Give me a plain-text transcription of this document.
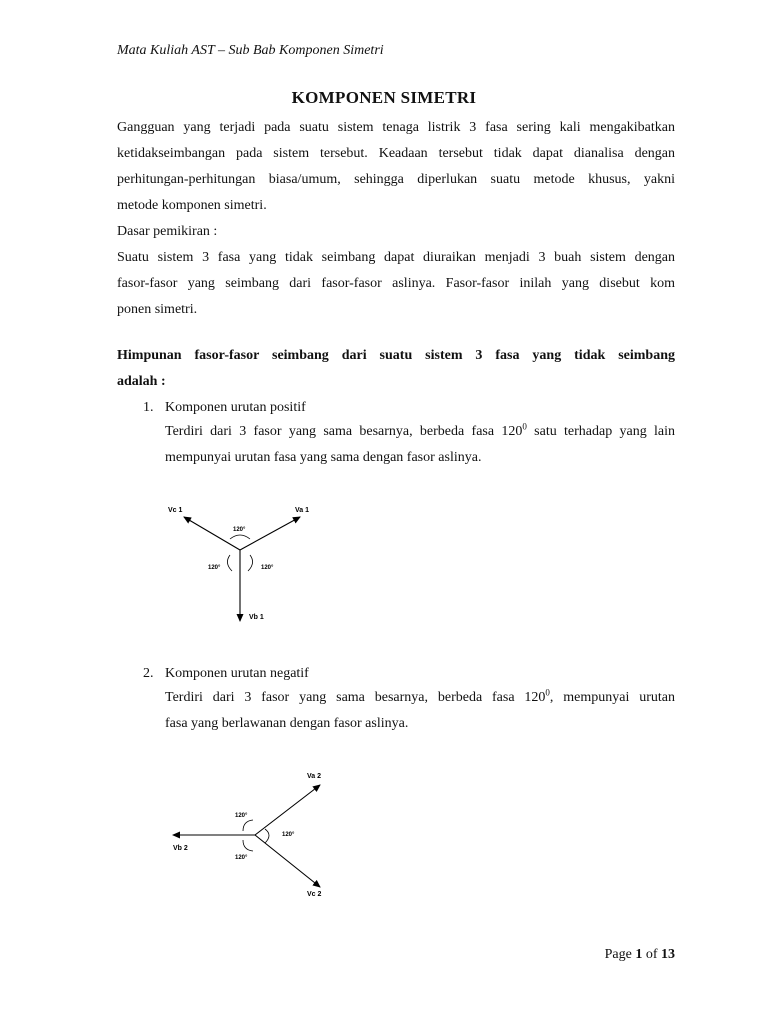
Mata Kuliah AST – Sub Bab Komponen Simetri
KOMPONEN SIMETRI
Gangguan yang terjadi pada suatu sistem tenaga listrik 3 fasa sering kali mengakibatkan
ketidakseimbangan pada sistem tersebut. Keadaan tersebut tidak dapat dianalisa dengan
perhitungan-perhitungan biasa/umum, sehingga diperlukan suatu metode khusus, yakni
metode komponen simetri.
Dasar pemikiran :
Suatu sistem 3 fasa yang tidak seimbang dapat diuraikan menjadi 3 buah sistem dengan
fasor-fasor yang seimbang dari fasor-fasor aslinya. Fasor-fasor inilah yang disebut kom
ponen simetri.
Himpunan fasor-fasor seimbang dari suatu sistem 3 fasa yang tidak seimbang
adalah :
1. Komponen urutan positif
Terdiri dari 3 fasor yang sama besarnya, berbeda fasa $120^0$ satu terhadap yang lain
mempunyai urutan fasa yang sama dengan fasor aslinya.
Vc 1	Va 1
Vb 1
120°
120°	120°
2. Komponen urutan negatif
Terdiri dari 3 fasor yang sama besarnya, berbeda fasa $120^0$, mempunyai urutan
fasa yang berlawanan dengan fasor aslinya.
Va 2
Vb 2
Vc 2
120°
120°
120°
Page 1 of 13
